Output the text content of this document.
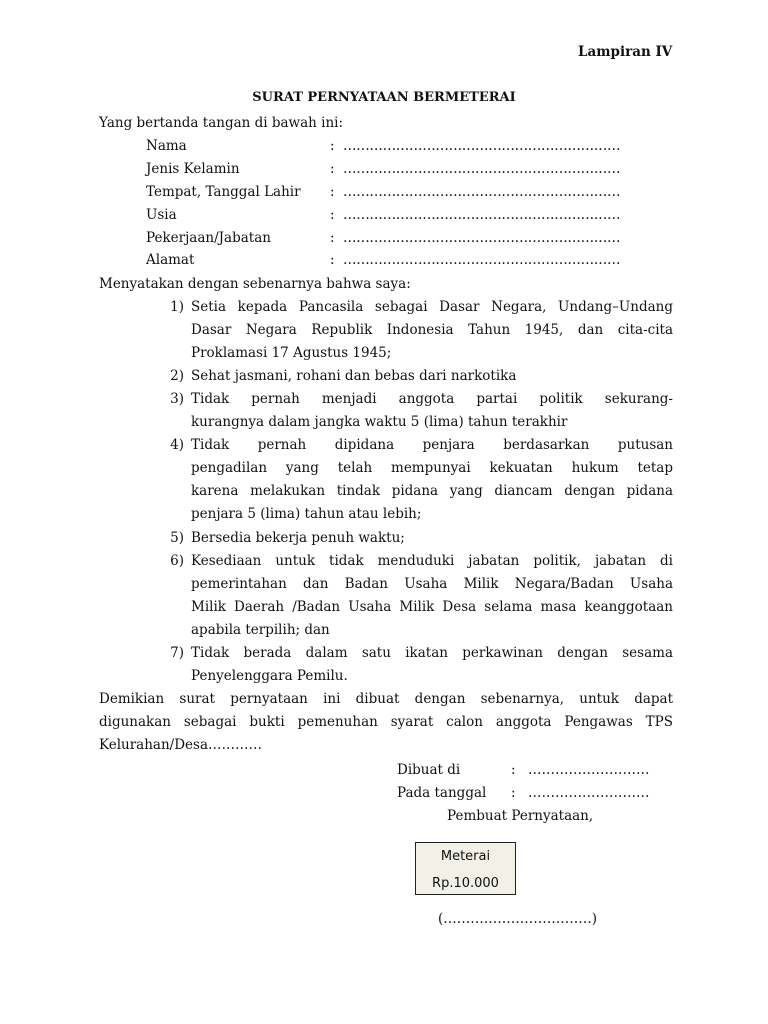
Lampiran IV
SURAT PERNYATAAN BERMETERAI
Yang bertanda tangan di bawah ini:
Nama	: ………………………………………………………
Jenis Kelamin	: ………………………………………………………
Tempat, Tanggal Lahir : ………………………………………………………
Usia	: ………………………………………………………
Pekerjaan/Jabatan	: ………………………………………………………
Alamat	: ………………………………………………………
Menyatakan dengan sebenarnya bahwa saya:
1) Setia kepada Pancasila sebagai Dasar Negara, Undang–Undang
Dasar Negara Republik Indonesia Tahun 1945, dan cita-cita
Proklamasi 17 Agustus 1945;
2) Sehat jasmani, rohani dan bebas dari narkotika
3) Tidak pernah menjadi anggota partai politik sekurang-
kurangnya dalam jangka waktu 5 (lima) tahun terakhir
4) Tidak pernah dipidana penjara berdasarkan putusan
pengadilan yang telah mempunyai kekuatan hukum tetap
karena melakukan tindak pidana yang diancam dengan pidana
penjara 5 (lima) tahun atau lebih;
5) Bersedia bekerja penuh waktu;
6) Kesediaan untuk tidak menduduki jabatan politik, jabatan di
pemerintahan dan Badan Usaha Milik Negara/Badan Usaha
Milik Daerah /Badan Usaha Milik Desa selama masa keanggotaan
apabila terpilih; dan
7) Tidak berada dalam satu ikatan perkawinan dengan sesama
Penyelenggara Pemilu.
Demikian surat pernyataan ini dibuat dengan sebenarnya, untuk dapat
digunakan sebagai bukti pemenuhan syarat calon anggota Pengawas TPS
Kelurahan/Desa…………
Dibuat di	: ………………………
Pada tanggal : ………………………
Pembuat Pernyataan,
Meterai
Rp.10.000
(……………………………)
